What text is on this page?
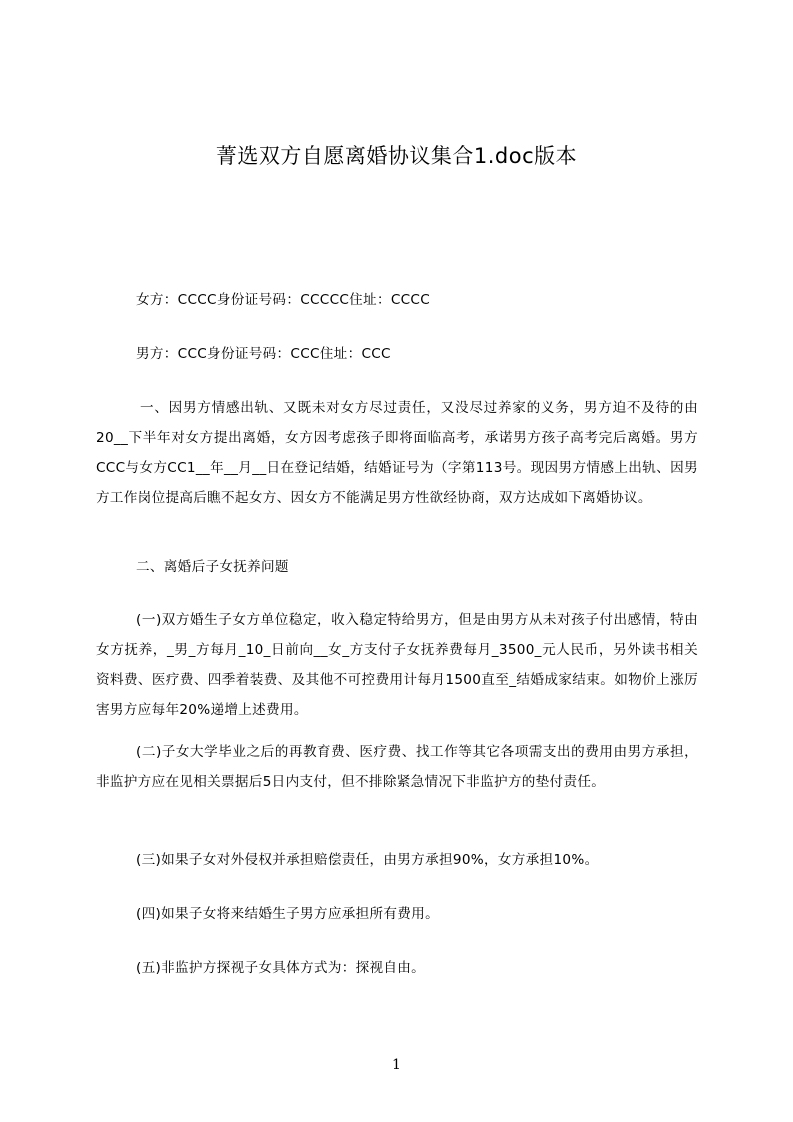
菁选双方自愿离婚协议集合1.doc版本
女方：CCCC身份证号码：CCCCC住址：CCCC
男方：CCC身份证号码：CCC住址：CCC
一、因男方情感出轨、又既未对女方尽过责任，又没尽过养家的义务，男方迫不及待的由20__下半年对女方提出离婚，女方因考虑孩子即将面临高考，承诺男方孩子高考完后离婚。男方CCC与女方CC1__年__月__日在登记结婚，结婚证号为（字第113号。现因男方情感上出轨、因男方工作岗位提高后瞧不起女方、因女方不能满足男方性欲经协商，双方达成如下离婚协议。
二、离婚后子女抚养问题
(一)双方婚生子女方单位稳定，收入稳定特给男方，但是由男方从未对孩子付出感情，特由女方抚养，_男_方每月_10_日前向__女_方支付子女抚养费每月_3500_元人民币，另外读书相关资料费、医疗费、四季着装费、及其他不可控费用计每月1500直至_结婚成家结束。如物价上涨厉害男方应每年20%递增上述费用。
(二)子女大学毕业之后的再教育费、医疗费、找工作等其它各项需支出的费用由男方承担，非监护方应在见相关票据后5日内支付，但不排除紧急情况下非监护方的垫付责任。
(三)如果子女对外侵权并承担赔偿责任，由男方承担90%，女方承担10%。
(四)如果子女将来结婚生子男方应承担所有费用。
(五)非监护方探视子女具体方式为：探视自由。
1
